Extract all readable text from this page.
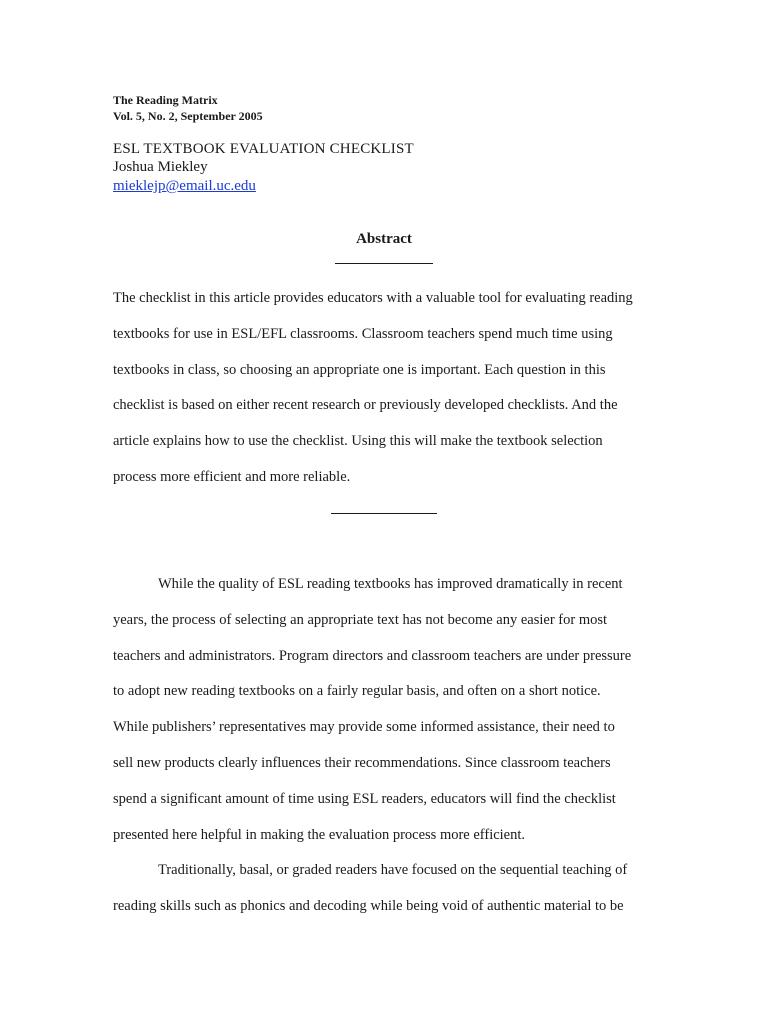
The Reading Matrix
Vol. 5, No. 2, September 2005
ESL TEXTBOOK EVALUATION CHECKLIST
Joshua Miekley
mieklejp@email.uc.edu
Abstract

The checklist in this article provides educators with a valuable tool for evaluating reading
textbooks for use in ESL/EFL classrooms. Classroom teachers spend much time using
textbooks in class, so choosing an appropriate one is important. Each question in this
checklist is based on either recent research or previously developed checklists. And the
article explains how to use the checklist. Using this will make the textbook selection
process more efficient and more reliable.

While the quality of ESL reading textbooks has improved dramatically in recent
years, the process of selecting an appropriate text has not become any easier for most
teachers and administrators. Program directors and classroom teachers are under pressure
to adopt new reading textbooks on a fairly regular basis, and often on a short notice.
While publishers’ representatives may provide some informed assistance, their need to
sell new products clearly influences their recommendations. Since classroom teachers
spend a significant amount of time using ESL readers, educators will find the checklist
presented here helpful in making the evaluation process more efficient.
Traditionally, basal, or graded readers have focused on the sequential teaching of
reading skills such as phonics and decoding while being void of authentic material to be
